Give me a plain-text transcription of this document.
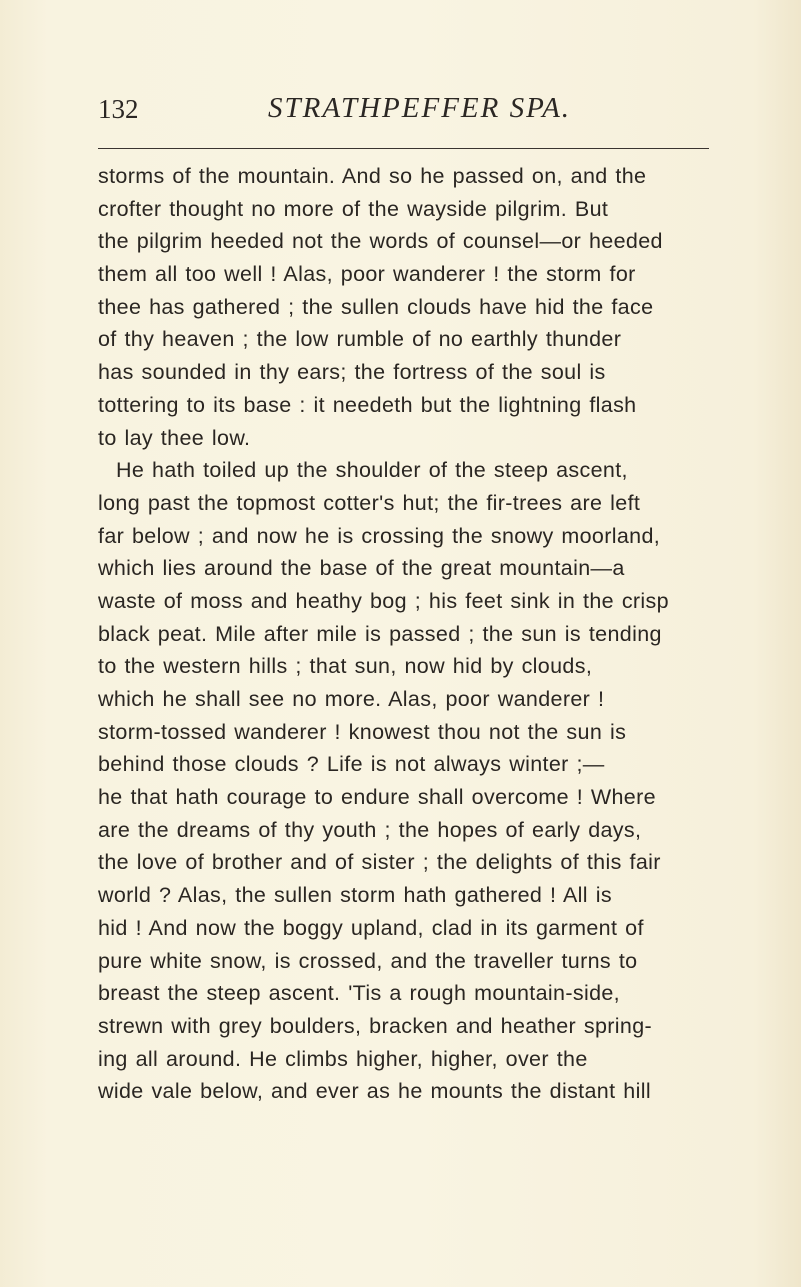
132	STRATHPEFFER SPA.
storms of the mountain. And so he passed on, and the
crofter thought no more of the wayside pilgrim. But
the pilgrim heeded not the words of counsel—or heeded
them all too well ! Alas, poor wanderer ! the storm for
thee has gathered ; the sullen clouds have hid the face
of thy heaven ; the low rumble of no earthly thunder
has sounded in thy ears; the fortress of the soul is
tottering to its base : it needeth but the lightning flash
to lay thee low.
He hath toiled up the shoulder of the steep ascent,
long past the topmost cotter's hut; the fir-trees are left
far below ; and now he is crossing the snowy moorland,
which lies around the base of the great mountain—a
waste of moss and heathy bog ; his feet sink in the crisp
black peat. Mile after mile is passed ; the sun is tending
to the western hills ; that sun, now hid by clouds,
which he shall see no more. Alas, poor wanderer !
storm-tossed wanderer ! knowest thou not the sun is
behind those clouds ? Life is not always winter ;—
he that hath courage to endure shall overcome ! Where
are the dreams of thy youth ; the hopes of early days,
the love of brother and of sister ; the delights of this fair
world ? Alas, the sullen storm hath gathered ! All is
hid ! And now the boggy upland, clad in its garment of
pure white snow, is crossed, and the traveller turns to
breast the steep ascent. 'Tis a rough mountain-side,
strewn with grey boulders, bracken and heather spring-
ing all around. He climbs higher, higher, over the
wide vale below, and ever as he mounts the distant hill
